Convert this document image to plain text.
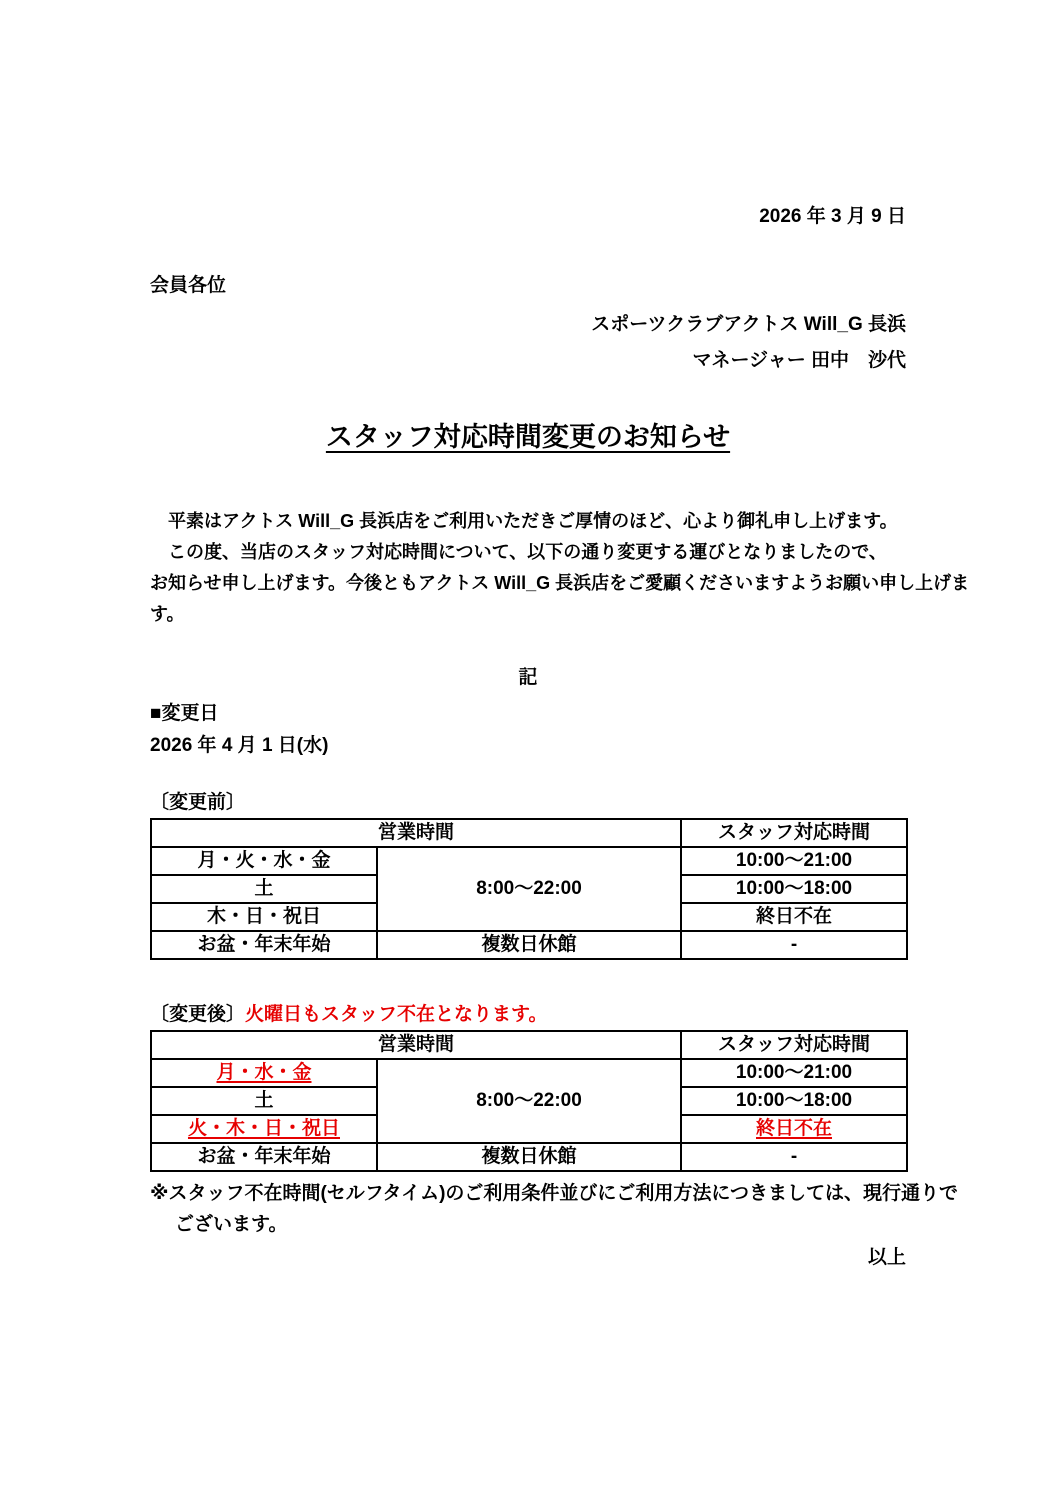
2026 年 3 月 9 日
会員各位
スポーツクラブアクトス Will_G 長浜
マネージャー 田中　沙代
スタッフ対応時間変更のお知らせ
　平素はアクトス Will_G 長浜店をご利用いただきご厚情のほど、心より御礼申し上げます。
　この度、当店のスタッフ対応時間について、以下の通り変更する運びとなりましたので、
お知らせ申し上げます。今後ともアクトス Will_G 長浜店をご愛顧くださいますようお願い申し上げま
す。
記
■変更日
2026 年 4 月 1 日(水)
〔変更前〕
営業時間		スタッフ対応時間
月・火・水・金	8:00～22:00	10:00～21:00
土		10:00～18:00
木・日・祝日		終日不在
お盆・年末年始	複数日休館	-
〔変更後〕火曜日もスタッフ不在となります。
営業時間		スタッフ対応時間
月・水・金	8:00～22:00	10:00～21:00
土		10:00～18:00
火・木・日・祝日		終日不在
お盆・年末年始	複数日休館	-
※スタッフ不在時間(セルフタイム)のご利用条件並びにご利用方法につきましては、現行通りで
ございます。
以上
